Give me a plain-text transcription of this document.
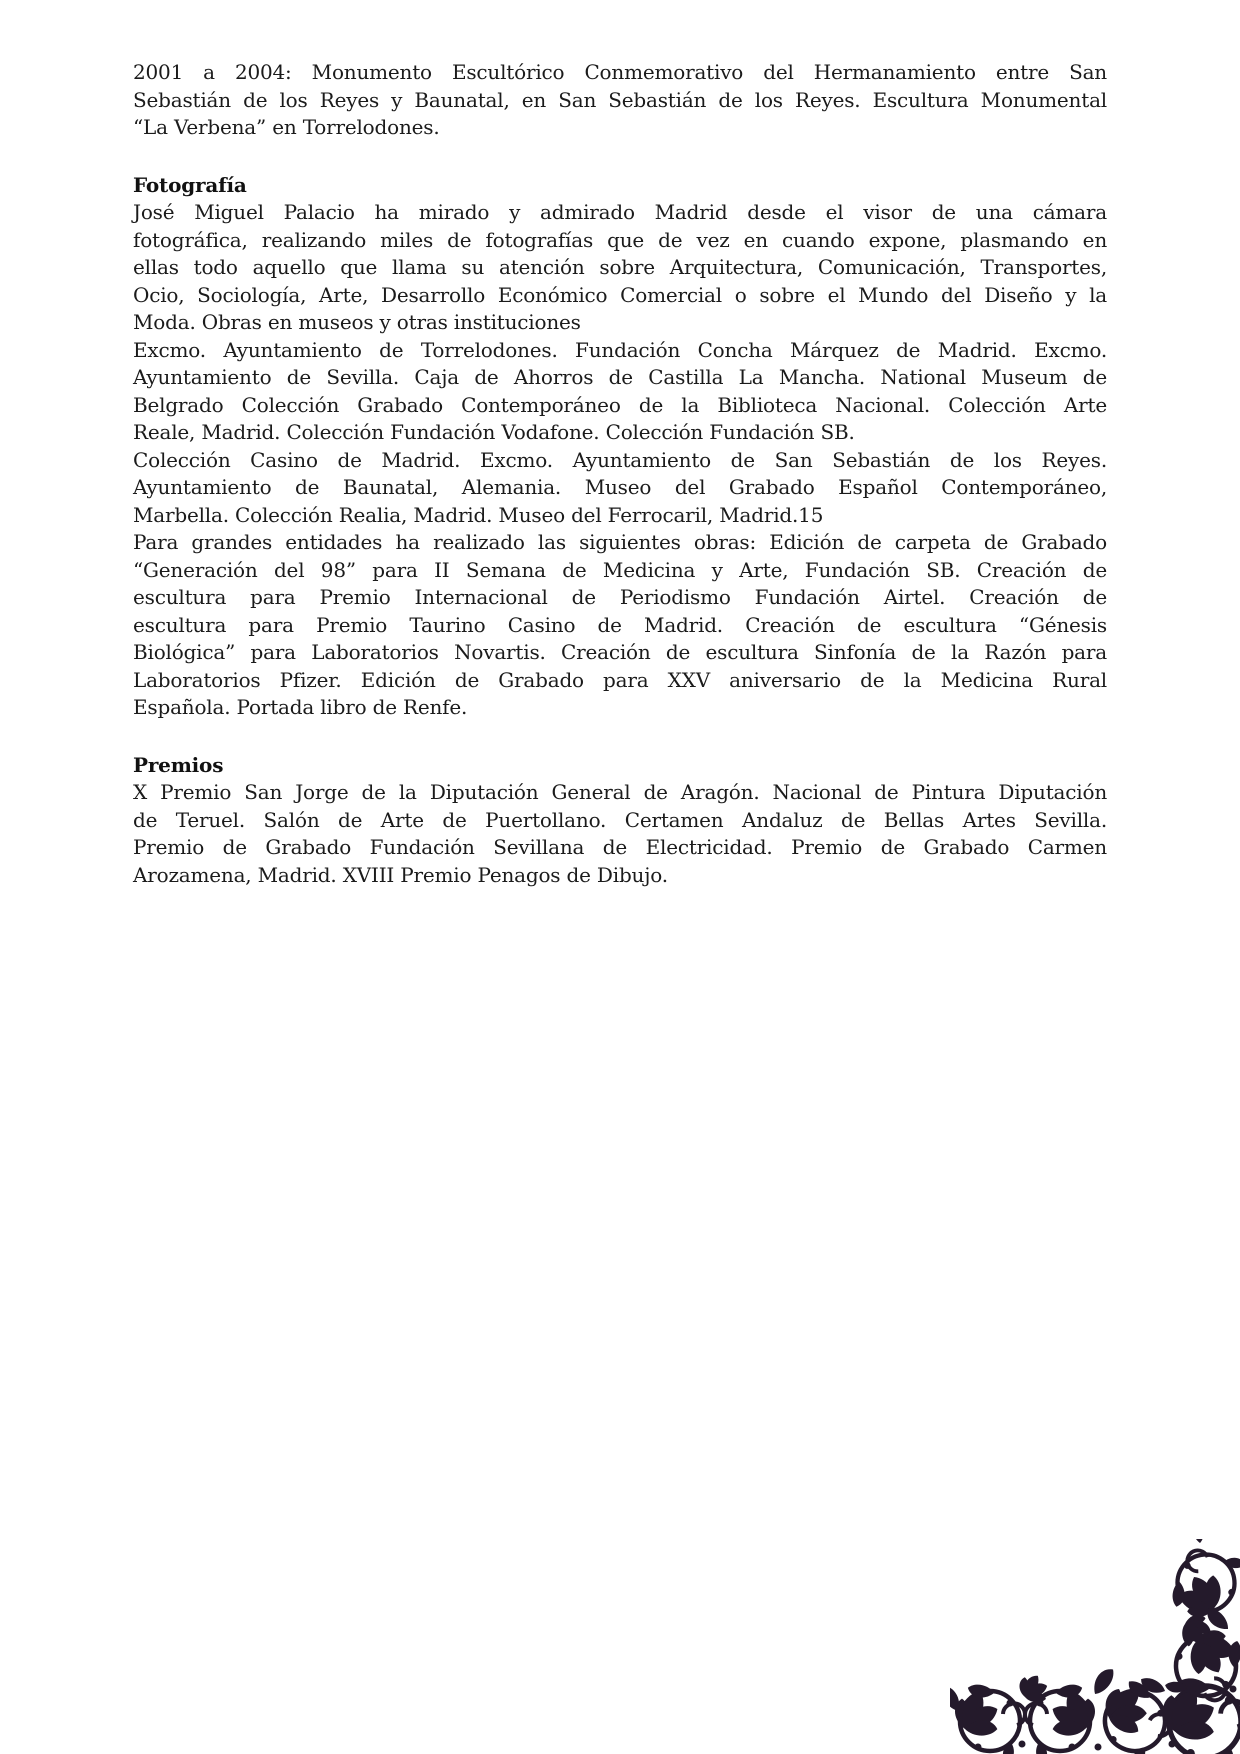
2001 a 2004: Monumento Escultórico Conmemorativo del Hermanamiento entre San
Sebastián de los Reyes y Baunatal, en San Sebastián de los Reyes. Escultura Monumental
“La Verbena” en Torrelodones.

Fotografía

José Miguel Palacio ha mirado y admirado Madrid desde el visor de una cámara
fotográfica, realizando miles de fotografías que de vez en cuando expone, plasmando en
ellas todo aquello que llama su atención sobre Arquitectura, Comunicación, Transportes,
Ocio, Sociología, Arte, Desarrollo Económico Comercial o sobre el Mundo del Diseño y la
Moda. Obras en museos y otras instituciones

Excmo. Ayuntamiento de Torrelodones. Fundación Concha Márquez de Madrid. Excmo.
Ayuntamiento de Sevilla. Caja de Ahorros de Castilla La Mancha. National Museum de
Belgrado Colección Grabado Contemporáneo de la Biblioteca Nacional. Colección Arte
Reale, Madrid. Colección Fundación Vodafone. Colección Fundación SB.

Colección Casino de Madrid. Excmo. Ayuntamiento de San Sebastián de los Reyes.
Ayuntamiento de Baunatal, Alemania. Museo del Grabado Español Contemporáneo,
Marbella. Colección Realia, Madrid. Museo del Ferrocaril, Madrid.15

Para grandes entidades ha realizado las siguientes obras: Edición de carpeta de Grabado
“Generación del 98” para II Semana de Medicina y Arte, Fundación SB. Creación de
escultura para Premio Internacional de Periodismo Fundación Airtel. Creación de
escultura para Premio Taurino Casino de Madrid. Creación de escultura “Génesis
Biológica” para Laboratorios Novartis. Creación de escultura Sinfonía de la Razón para
Laboratorios Pfizer. Edición de Grabado para XXV aniversario de la Medicina Rural
Española. Portada libro de Renfe.

Premios

X Premio San Jorge de la Diputación General de Aragón. Nacional de Pintura Diputación
de Teruel. Salón de Arte de Puertollano. Certamen Andaluz de Bellas Artes Sevilla.
Premio de Grabado Fundación Sevillana de Electricidad. Premio de Grabado Carmen
Arozamena, Madrid. XVIII Premio Penagos de Dibujo.
